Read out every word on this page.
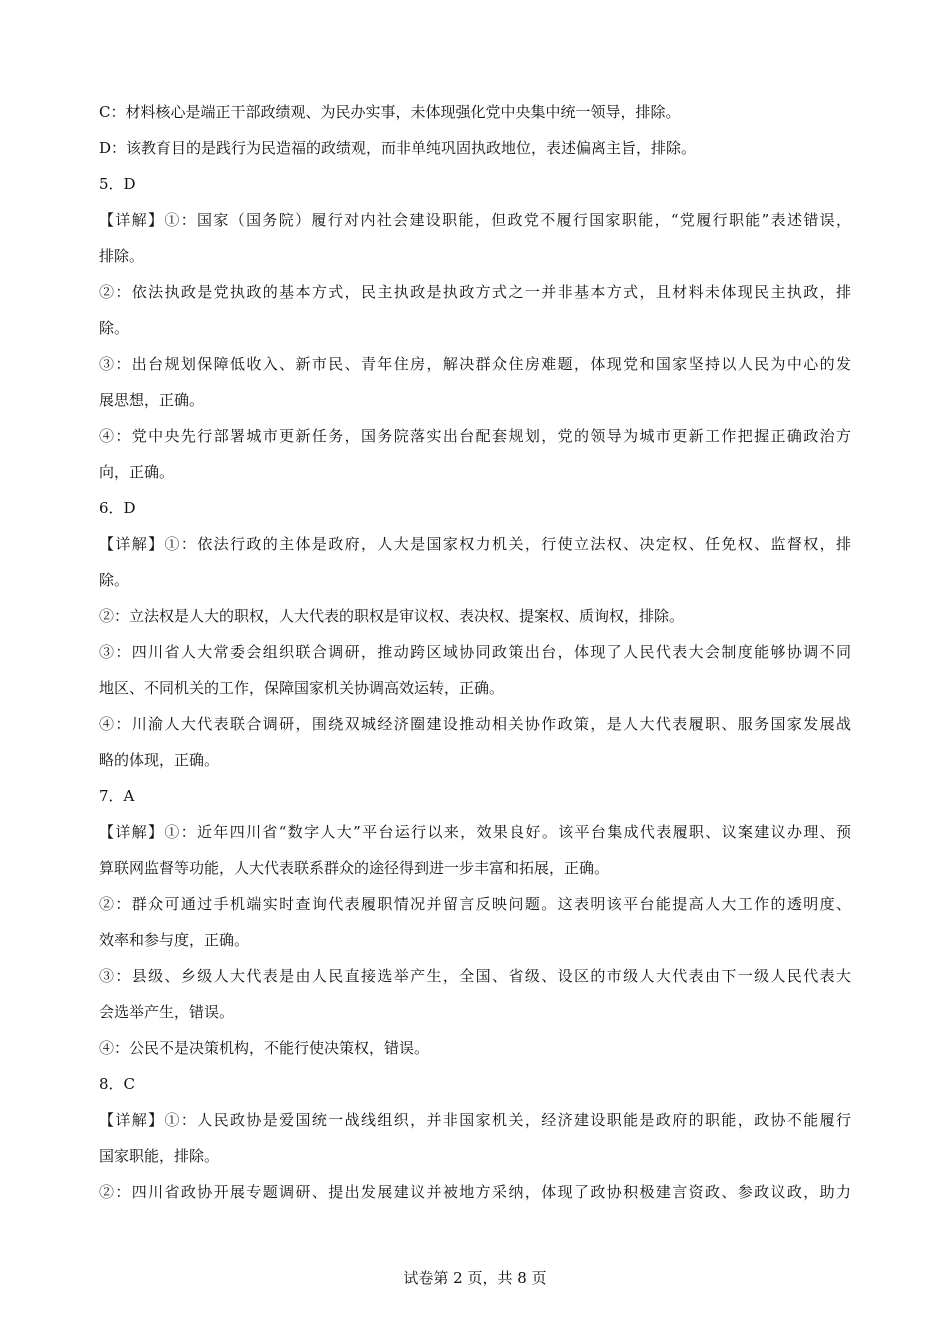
C：材料核心是端正干部政绩观、为民办实事，未体现强化党中央集中统一领导，排除。
D：该教育目的是践行为民造福的政绩观，而非单纯巩固执政地位，表述偏离主旨，排除。
5．D
【详解】①：国家（国务院）履行对内社会建设职能，但政党不履行国家职能，“党履行职能”表述错误，
排除。
②：依法执政是党执政的基本方式，民主执政是执政方式之一并非基本方式，且材料未体现民主执政，排
除。
③：出台规划保障低收入、新市民、青年住房，解决群众住房难题，体现党和国家坚持以人民为中心的发
展思想，正确。
④：党中央先行部署城市更新任务，国务院落实出台配套规划，党的领导为城市更新工作把握正确政治方
向，正确。
6．D
【详解】①：依法行政的主体是政府，人大是国家权力机关，行使立法权、决定权、任免权、监督权，排
除。
②：立法权是人大的职权，人大代表的职权是审议权、表决权、提案权、质询权，排除。
③：四川省人大常委会组织联合调研，推动跨区域协同政策出台，体现了人民代表大会制度能够协调不同
地区、不同机关的工作，保障国家机关协调高效运转，正确。
④：川渝人大代表联合调研，围绕双城经济圈建设推动相关协作政策，是人大代表履职、服务国家发展战
略的体现，正确。
7．A
【详解】①：近年四川省“数字人大”平台运行以来，效果良好。该平台集成代表履职、议案建议办理、预
算联网监督等功能，人大代表联系群众的途径得到进一步丰富和拓展，正确。
②：群众可通过手机端实时查询代表履职情况并留言反映问题。这表明该平台能提高人大工作的透明度、
效率和参与度，正确。
③：县级、乡级人大代表是由人民直接选举产生，全国、省级、设区的市级人大代表由下一级人民代表大
会选举产生，错误。
④：公民不是决策机构，不能行使决策权，错误。
8．C
【详解】①：人民政协是爱国统一战线组织，并非国家机关，经济建设职能是政府的职能，政协不能履行
国家职能，排除。
②：四川省政协开展专题调研、提出发展建议并被地方采纳，体现了政协积极建言资政、参政议政，助力
试卷第 2 页，共 8 页
